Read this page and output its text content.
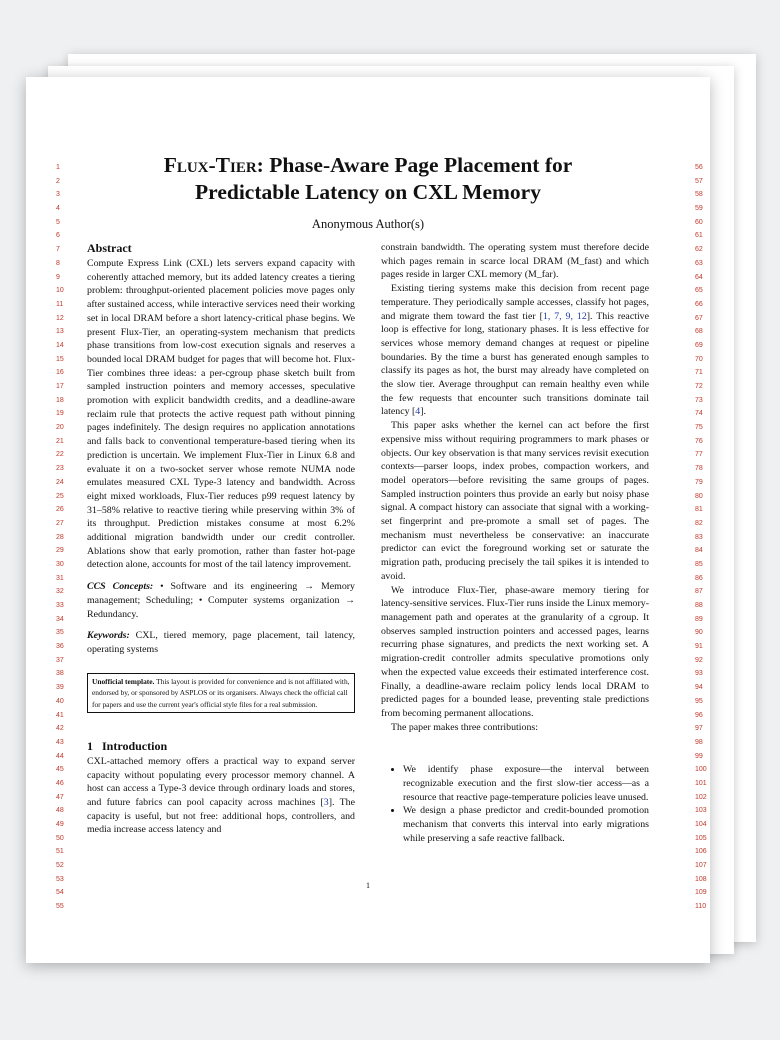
1
2
3
4
5
6
7
8
9
10
11
12
13
14
15
16
17
18
19
20
21
22
23
24
25
26
27
28
29
30
31
32
33
34
35
36
37
38
39
40
41
42
43
44
45
46
47
48
49
50
51
52
53
54
55
56
57
58
59
60
61
62
63
64
65
66
67
68
69
70
71
72
73
74
75
76
77
78
79
80
81
82
83
84
85
86
87
88
89
90
91
92
93
94
95
96
97
98
99
100
101
102
103
104
105
106
107
108
109
110
Flux-Tier: Phase-Aware Page Placement for
Predictable Latency on CXL Memory
Anonymous Author(s)
Abstract

Compute Express Link (CXL) lets servers expand capacity with coherently attached memory, but its added latency creates a tiering problem: throughput-oriented placement policies move pages only after sustained access, while interactive services need their working set in local DRAM before a short latency-critical phase begins. We present Flux-Tier, an operating-system mechanism that predicts phase transitions from low-cost execution signals and reserves a bounded local DRAM budget for pages that will become hot. Flux-Tier combines three ideas: a per-cgroup phase sketch built from sampled instruction pointers and memory accesses, speculative promotion with explicit bandwidth credits, and a deadline-aware reclaim rule that protects the active request path without pinning pages indefinitely. The design requires no application annotations and falls back to conventional temperature-based tiering when its prediction is uncertain. We implement Flux-Tier in Linux 6.8 and evaluate it on a two-socket server whose remote NUMA node emulates measured CXL Type-3 latency and bandwidth. Across eight mixed workloads, Flux-Tier reduces p99 request latency by 31–58% relative to reactive tiering while preserving within 3% of its throughput. Prediction mistakes consume at most 6.2% additional migration bandwidth under our credit controller. Ablations show that early promotion, rather than faster hot-page detection alone, accounts for most of the tail latency improvement.

CCS Concepts: • Software and its engineering → Memory management; Scheduling; • Computer systems organization → Redundancy.

Keywords: CXL, tiered memory, page placement, tail latency, operating systems

Unofficial template. This layout is provided for convenience and is not affiliated with, endorsed by, or sponsored by ASPLOS or its organisers. Always check the official call for papers and use the current year's official style files for a real submission.
1 Introduction

CXL-attached memory offers a practical way to expand server capacity without populating every processor memory channel. A host can access a Type-3 device through ordinary loads and stores, and future fabrics can pool capacity across machines [3]. The capacity is useful, but not free: additional hops, controllers, and media increase access latency and

constrain bandwidth. The operating system must therefore decide which pages remain in scarce local DRAM (M_fast) and which pages reside in larger CXL memory (M_far).

Existing tiering systems make this decision from recent page temperature. They periodically sample accesses, classify hot pages, and migrate them toward the fast tier [1, 7, 9, 12]. This reactive loop is effective for long, stationary phases. It is less effective for services whose memory demand changes at request or pipeline boundaries. By the time a burst has generated enough samples to classify its pages as hot, the burst may already have completed on the slow tier. Average throughput can remain healthy even while the few requests that encounter such transitions dominate tail latency [4].

This paper asks whether the kernel can act before the first expensive miss without requiring programmers to mark phases or objects. Our key observation is that many services revisit execution contexts—parser loops, index probes, compaction workers, and model operators—before revisiting the same groups of pages. Sampled instruction pointers thus provide an early but noisy phase signal. A compact history can associate that signal with a working-set fingerprint and pre-promote a small set of pages. The mechanism must nevertheless be conservative: an inaccurate predictor can evict the foreground working set or saturate the migration path, producing precisely the tail spikes it is intended to avoid.

We introduce Flux-Tier, phase-aware memory tiering for latency-sensitive services. Flux-Tier runs inside the Linux memory-management path and operates at the granularity of a cgroup. It observes sampled instruction pointers and accessed pages, learns recurring phase signatures, and predicts the next working set. A migration-credit controller admits speculative promotions only when the expected value exceeds their estimated interference cost. Finally, a deadline-aware reclaim policy lends local DRAM to predicted pages for a bounded lease, preventing stale predictions from becoming permanent allocations.

The paper makes three contributions:

• We identify phase exposure—the interval between recognizable execution and the first slow-tier access—as a resource that reactive page-temperature policies leave unused.
• We design a phase predictor and credit-bounded promotion mechanism that converts this interval into early migrations while preserving a safe reactive fallback.
1
